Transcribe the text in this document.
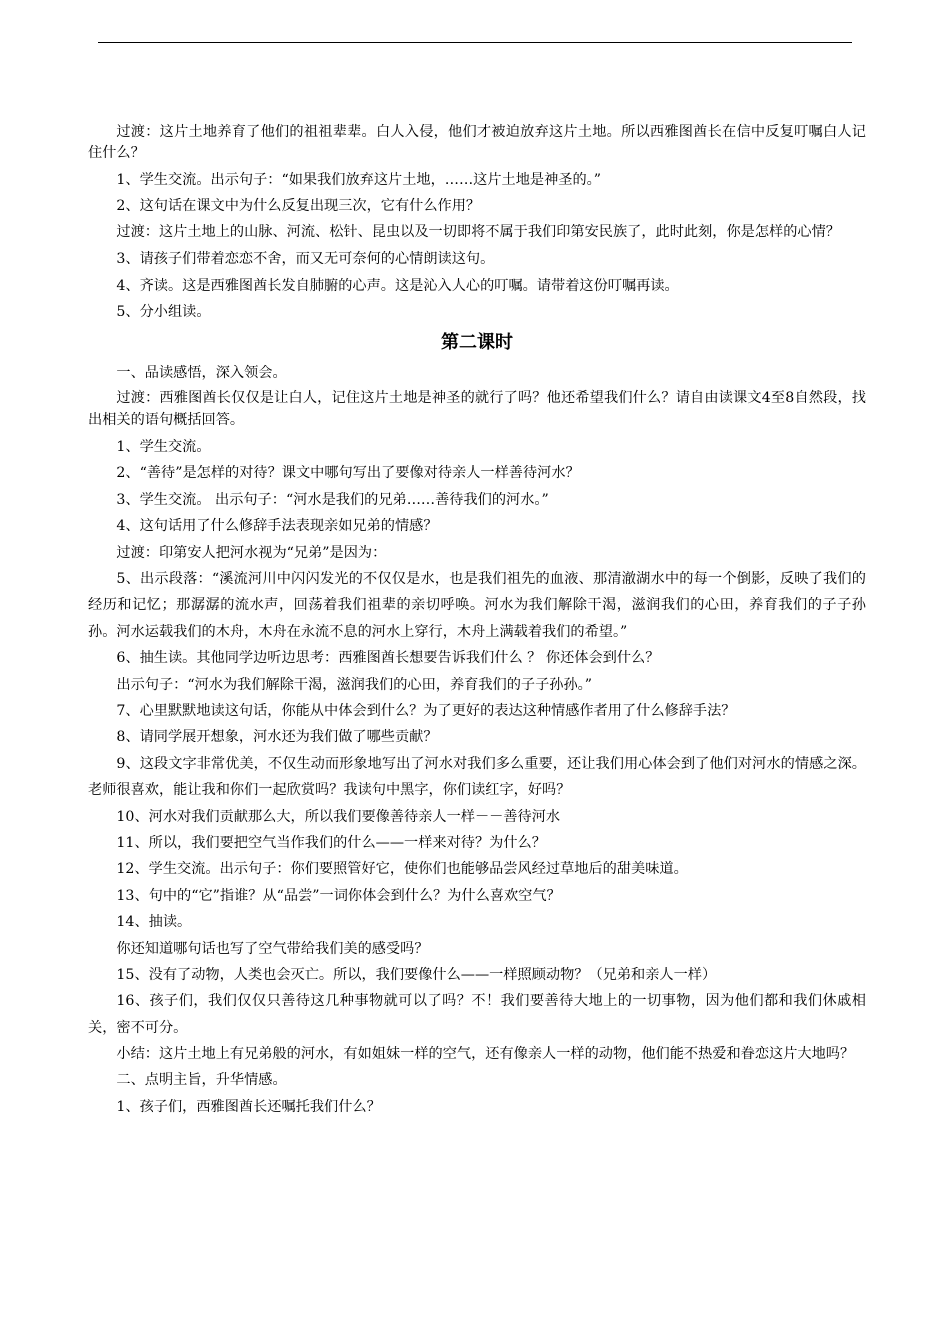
过渡：这片土地养育了他们的祖祖辈辈。白人入侵，他们才被迫放弃这片土地。所以西雅图酋长在信中反复叮嘱白人记住什么？

1、学生交流。出示句子：“如果我们放弃这片土地，……这片土地是神圣的。”

2、这句话在课文中为什么反复出现三次，它有什么作用？

过渡：这片土地上的山脉、河流、松针、昆虫以及一切即将不属于我们印第安民族了，此时此刻，你是怎样的心情？

3、请孩子们带着恋恋不舍，而又无可奈何的心情朗读这句。

4、齐读。这是西雅图酋长发自肺腑的心声。这是沁入人心的叮嘱。请带着这份叮嘱再读。

5、分小组读。

第二课时

一、品读感悟，深入领会。

过渡：西雅图酋长仅仅是让白人，记住这片土地是神圣的就行了吗？他还希望我们什么？请自由读课文4至8自然段，找出相关的语句概括回答。

1、学生交流。

2、“善待”是怎样的对待？课文中哪句写出了要像对待亲人一样善待河水？

3、学生交流。 出示句子：“河水是我们的兄弟……善待我们的河水。”

4、这句话用了什么修辞手法表现亲如兄弟的情感？

过渡：印第安人把河水视为“兄弟”是因为：

5、出示段落：“溪流河川中闪闪发光的不仅仅是水，也是我们祖先的血液、那清澈湖水中的每一个倒影，反映了我们的经历和记忆；那潺潺的流水声，回荡着我们祖辈的亲切呼唤。河水为我们解除干渴，滋润我们的心田，养育我们的子子孙孙。河水运载我们的木舟，木舟在永流不息的河水上穿行，木舟上满载着我们的希望。”

6、抽生读。其他同学边听边思考：西雅图酋长想要告诉我们什么 ？ 你还体会到什么？

出示句子：“河水为我们解除干渴，滋润我们的心田，养育我们的子子孙孙。”

7、心里默默地读这句话，你能从中体会到什么？为了更好的表达这种情感作者用了什么修辞手法？

8、请同学展开想象，河水还为我们做了哪些贡献？

9、这段文字非常优美，不仅生动而形象地写出了河水对我们多么重要，还让我们用心体会到了他们对河水的情感之深。老师很喜欢，能让我和你们一起欣赏吗？我读句中黑字，你们读红字，好吗？

10、河水对我们贡献那么大，所以我们要像善待亲人一样－－善待河水

11、所以，我们要把空气当作我们的什么——一样来对待？为什么？

12、学生交流。出示句子：你们要照管好它，使你们也能够品尝风经过草地后的甜美味道。

13、句中的“它”指谁？从“品尝”一词你体会到什么？为什么喜欢空气？

14、抽读。

你还知道哪句话也写了空气带给我们美的感受吗？

15、没有了动物，人类也会灭亡。所以，我们要像什么——一样照顾动物？（兄弟和亲人一样）

16、孩子们，我们仅仅只善待这几种事物就可以了吗？不！我们要善待大地上的一切事物，因为他们都和我们休戚相关，密不可分。

小结：这片土地上有兄弟般的河水，有如姐妹一样的空气，还有像亲人一样的动物，他们能不热爱和眷恋这片大地吗？

二、点明主旨，升华情感。

1、孩子们，西雅图酋长还嘱托我们什么？
